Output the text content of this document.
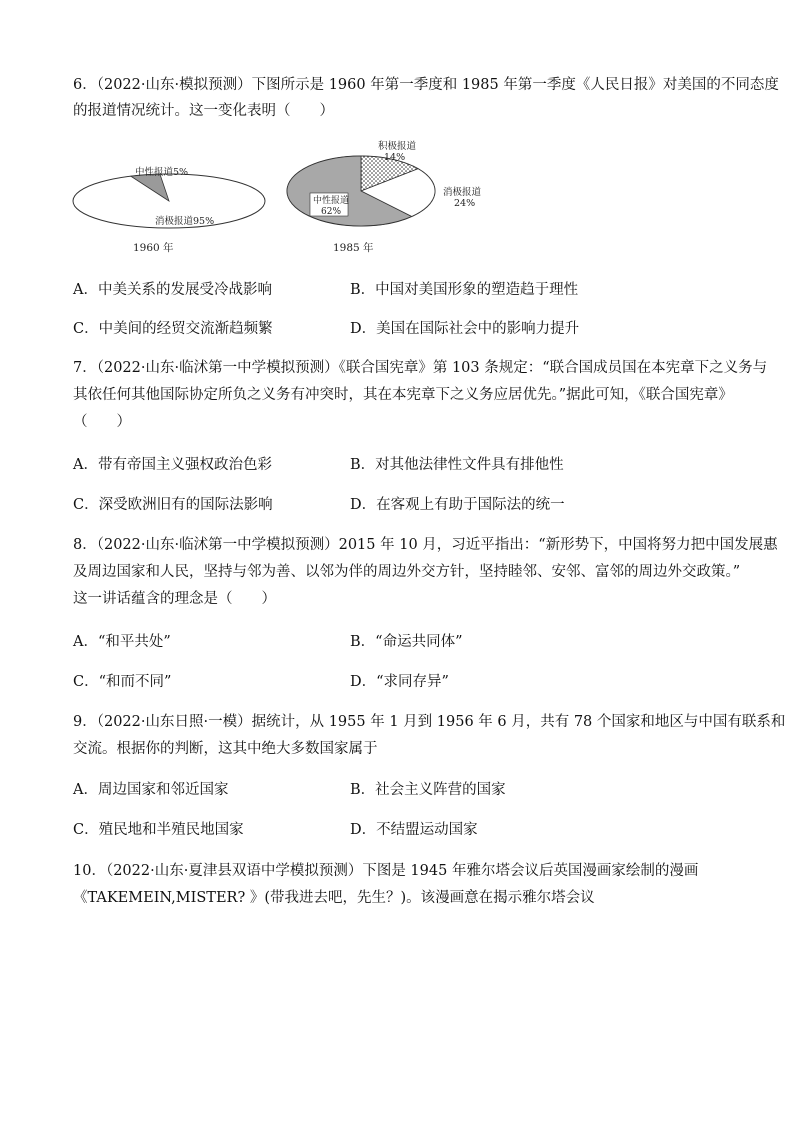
6．（2022·山东·模拟预测）下图所示是 1960 年第一季度和 1985 年第一季度《人民日报》对美国的不同态度
的报道情况统计。这一变化表明（　　）
中性报道5%
消极报道95%
1960 年
积极报道
14%
消极报道
24%
中性报道
62%
1985 年
A．中美关系的发展受冷战影响	B．中国对美国形象的塑造趋于理性
C．中美间的经贸交流渐趋频繁	D．美国在国际社会中的影响力提升
7．（2022·山东·临沭第一中学模拟预测）《联合国宪章》第 103 条规定：“联合国成员国在本宪章下之义务与
其依任何其他国际协定所负之义务有冲突时，其在本宪章下之义务应居优先。”据此可知，《联合国宪章》
（　　）
A．带有帝国主义强权政治色彩	B．对其他法律性文件具有排他性
C．深受欧洲旧有的国际法影响	D．在客观上有助于国际法的统一
8．（2022·山东·临沭第一中学模拟预测）2015 年 10 月，习近平指出：“新形势下，中国将努力把中国发展惠
及周边国家和人民，坚持与邻为善、以邻为伴的周边外交方针，坚持睦邻、安邻、富邻的周边外交政策。”
这一讲话蕴含的理念是（　　）
A．“和平共处”	B．“命运共同体”
C．“和而不同”	D．“求同存异”
9．（2022·山东日照·一模）据统计，从 1955 年 1 月到 1956 年 6 月，共有 78 个国家和地区与中国有联系和
交流。根据你的判断，这其中绝大多数国家属于
A．周边国家和邻近国家	B．社会主义阵营的国家
C．殖民地和半殖民地国家	D．不结盟运动国家
10．（2022·山东·夏津县双语中学模拟预测）下图是 1945 年雅尔塔会议后英国漫画家绘制的漫画
《TAKEMEIN,MISTER? 》(带我进去吧，先生？)。该漫画意在揭示雅尔塔会议
